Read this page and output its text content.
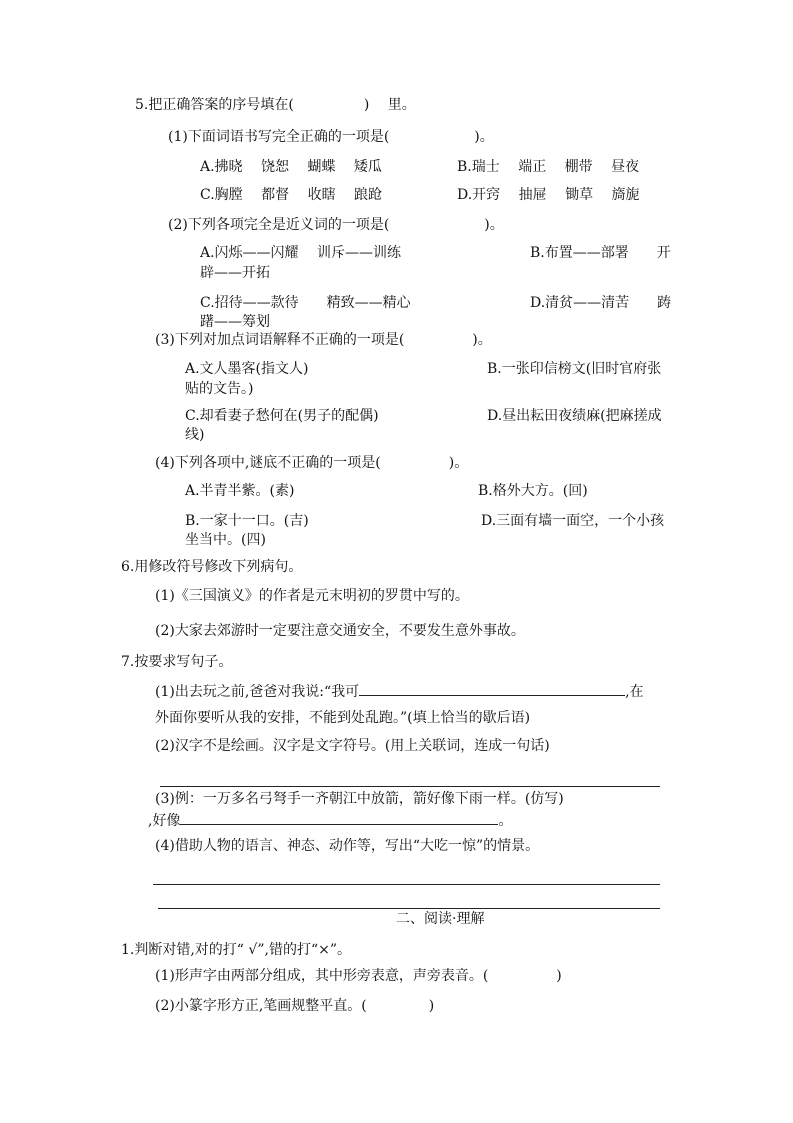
5.把正确答案的序号填在(	)　 里。
(1)下面词语书写完全正确的一项是(	)。
A.拂晓　 饶恕　 蝴蝶　 矮瓜	B.瑞士　 端正　 棚带　 昼夜
C.胸膛　 都督　 收瞎　 踉跄	D.开窍　 抽屉　 锄草　 旖旎
(2)下列各项完全是近义词的一项是(	)。
A.闪烁——闪耀　 训斥——训练	B.布置——部署　　开
辟——开拓
C.招待——款待　　精致——精心	D.清贫——清苦　　踌
躇——筹划
(3)下列对加点词语解释不正确的一项是(	)。
A.文人墨客(指文人)	B.一张印信榜文(旧时官府张
贴的文告。)
C.却看妻子愁何在(男子的配偶)	D.昼出耘田夜绩麻(把麻搓成
线)
(4)下列各项中,谜底不正确的一项是(	)。
A.半青半紫。(素)	B.格外大方。(回)
B.一家十一口。(吉)	D.三面有墙一面空，一个小孩
坐当中。(四)
6.用修改符号修改下列病句。
(1)《三国演义》的作者是元末明初的罗贯中写的。
(2)大家去郊游时一定要注意交通安全，不要发生意外事故。
7.按要求写句子。
(1)出去玩之前,爸爸对我说:“我可	,在
外面你要听从我的安排，不能到处乱跑。”(填上恰当的歇后语)
(2)汉字不是绘画。汉字是文字符号。(用上关联词，连成一句话)
(3)例：一万多名弓弩手一齐朝江中放箭，箭好像下雨一样。(仿写)
,好像	。
(4)借助人物的语言、神态、动作等，写出“大吃一惊”的情景。
二、阅读·理解
1.判断对错,对的打“ √”,错的打“×”。
(1)形声字由两部分组成，其中形旁表意，声旁表音。(	)
(2)小篆字形方正,笔画规整平直。(	)
